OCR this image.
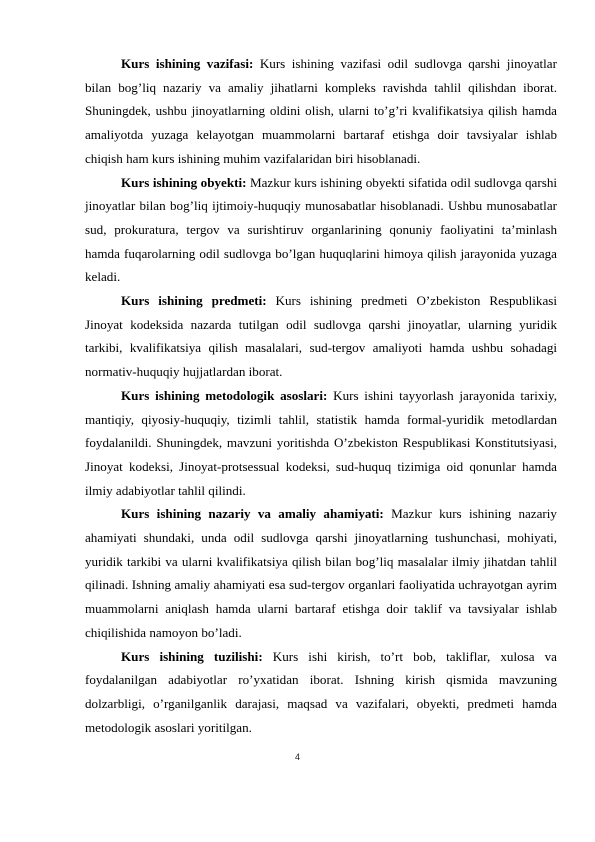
Kurs ishining vazifasi: Kurs ishining vazifasi odil sudlovga qarshi jinoyatlar bilan bog’liq nazariy va amaliy jihatlarni kompleks ravishda tahlil qilishdan iborat. Shuningdek, ushbu jinoyatlarning oldini olish, ularni to’g’ri kvalifikatsiya qilish hamda amaliyotda yuzaga kelayotgan muammolarni bartaraf etishga doir tavsiyalar ishlab chiqish ham kurs ishining muhim vazifalaridan biri hisoblanadi.

Kurs ishining obyekti: Mazkur kurs ishining obyekti sifatida odil sudlovga qarshi jinoyatlar bilan bog’liq ijtimoiy-huquqiy munosabatlar hisoblanadi. Ushbu munosabatlar sud, prokuratura, tergov va surishtiruv organlarining qonuniy faoliyatini ta’minlash hamda fuqarolarning odil sudlovga bo’lgan huquqlarini himoya qilish jarayonida yuzaga keladi.

Kurs ishining predmeti: Kurs ishining predmeti O’zbekiston Respublikasi Jinoyat kodeksida nazarda tutilgan odil sudlovga qarshi jinoyatlar, ularning yuridik tarkibi, kvalifikatsiya qilish masalalari, sud-tergov amaliyoti hamda ushbu sohadagi normativ-huquqiy hujjatlardan iborat.

Kurs ishining metodologik asoslari: Kurs ishini tayyorlash jarayonida tarixiy, mantiqiy, qiyosiy-huquqiy, tizimli tahlil, statistik hamda formal-yuridik metodlardan foydalanildi. Shuningdek, mavzuni yoritishda O’zbekiston Respublikasi Konstitutsiyasi, Jinoyat kodeksi, Jinoyat-protsessual kodeksi, sud-huquq tizimiga oid qonunlar hamda ilmiy adabiyotlar tahlil qilindi.

Kurs ishining nazariy va amaliy ahamiyati: Mazkur kurs ishining nazariy ahamiyati shundaki, unda odil sudlovga qarshi jinoyatlarning tushunchasi, mohiyati, yuridik tarkibi va ularni kvalifikatsiya qilish bilan bog’liq masalalar ilmiy jihatdan tahlil qilinadi. Ishning amaliy ahamiyati esa sud-tergov organlari faoliyatida uchrayotgan ayrim muammolarni aniqlash hamda ularni bartaraf etishga doir taklif va tavsiyalar ishlab chiqilishida namoyon bo’ladi.

Kurs ishining tuzilishi: Kurs ishi kirish, to’rt bob, takliflar, xulosa va foydalanilgan adabiyotlar ro’yxatidan iborat. Ishning kirish qismida mavzuning dolzarbligi, o’rganilganlik darajasi, maqsad va vazifalari, obyekti, predmeti hamda metodologik asoslari yoritilgan.

4
